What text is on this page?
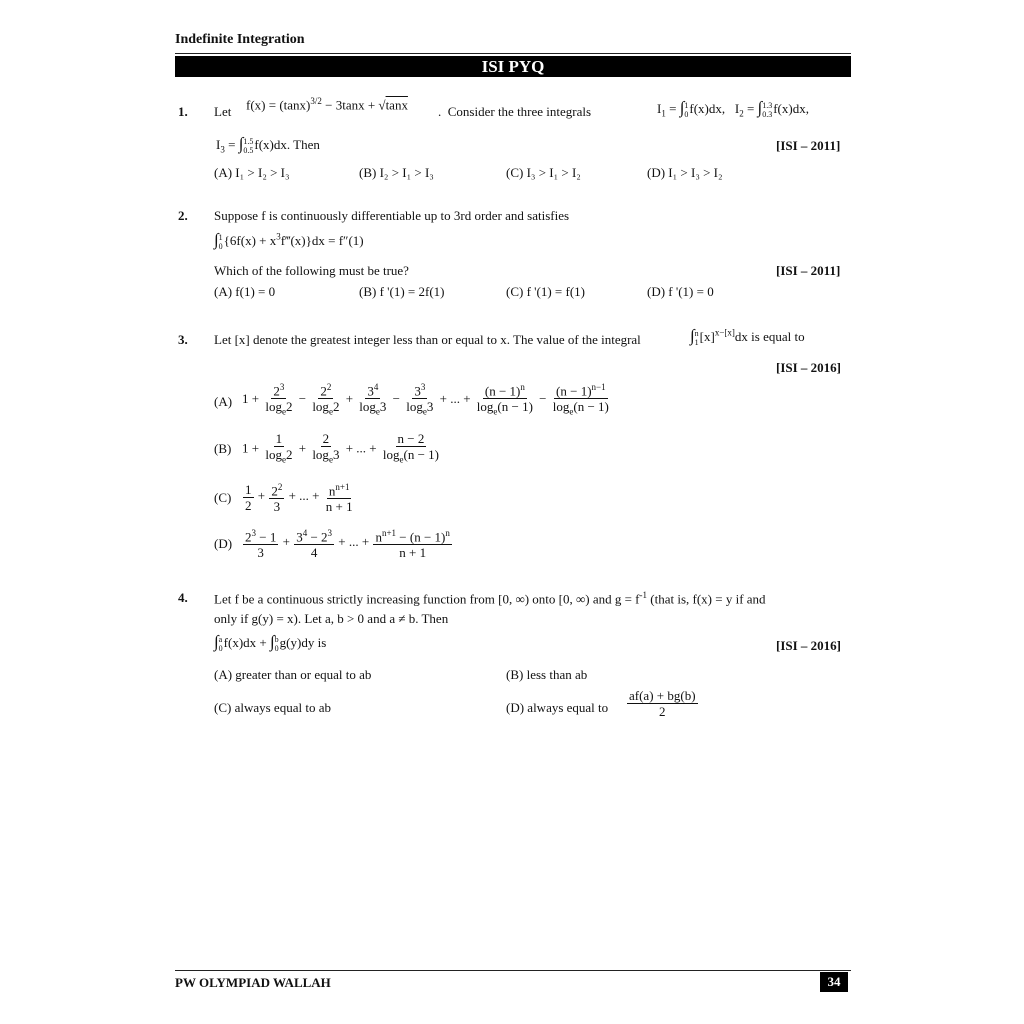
Indefinite Integration
ISI PYQ
1. Let $f(x) = (\tan x)^{3/2} - 3\tan x + √\tan x$ .  Consider the three integrals	$I_1$ = ∫ 1
0 f(x)dx,   $I_2$ = ∫ 1.3
0.3 f(x)dx,
$I_3$ = ∫ 1.5
0.5 f(x)dx. Then	[ISI – 2011]
(A) I₁ > I₂ > I₃	(B) I₂ > I₁ > I₃	(C) I₃ > I₁ > I₂	(D) I₁ > I₃ > I₂
2. Suppose f is continuously differentiable up to 3rd order and satisfies
∫ 1
0 $\{6f(x) + x^3f‴(x)\}dx = f''(1)$
Which of the following must be true?	[ISI – 2011]
(A) f(1) = 0	(B) f '(1) = 2f(1)	(C) f '(1) = f(1)	(D) f '(1) = 0
3. Let [x] denote the greatest integer less than or equal to x. The value of the integral	∫ n
1 $[x]^{x-[x]}dx$ is equal to
[ISI – 2016]
(A) $1 + \frac{2^3}{\log_e2} - \frac{2^2}{\log_e2} + \frac{3^4}{\log_e3} - \frac{3^3}{\log_e3}$ + ... + $\frac{(n - 1)^n}{\log_e(n - 1)} - \frac{(n - 1)^{n-1}}{\log_e(n - 1)}$
(B) $1 + \frac{1}{\log_e2} + \frac{2}{\log_e3}$ + ... + $\frac{n - 2}{\log_e(n - 1)}$
$(C) \frac{1}{2} + \frac{2^2}{3}$ + ... + $\frac{n^{n+1}}{n + 1}$
$(D) \frac{2^3 - 1}{3} + \frac{3^4 - 2^3}{4}$ + ... + $\frac{n^{n+1} - (n - 1)^n}{n + 1}$
4. Let f be a continuous strictly increasing function from [0, ∞) onto [0, ∞) and $g = f^{-1}$ (that is, f(x) = y if and
only if g(y) = x). Let a, b > 0 and a ≠ b. Then
∫ a
0 f(x)dx + ∫ b
0 g(y)dy is	[ISI – 2016]
(A) greater than or equal to ab	(B) less than ab
(C) always equal to ab	(D) always equal to $\frac{af(a) + bg(b)}{2}$
PW OLYMPIAD WALLAH	34
